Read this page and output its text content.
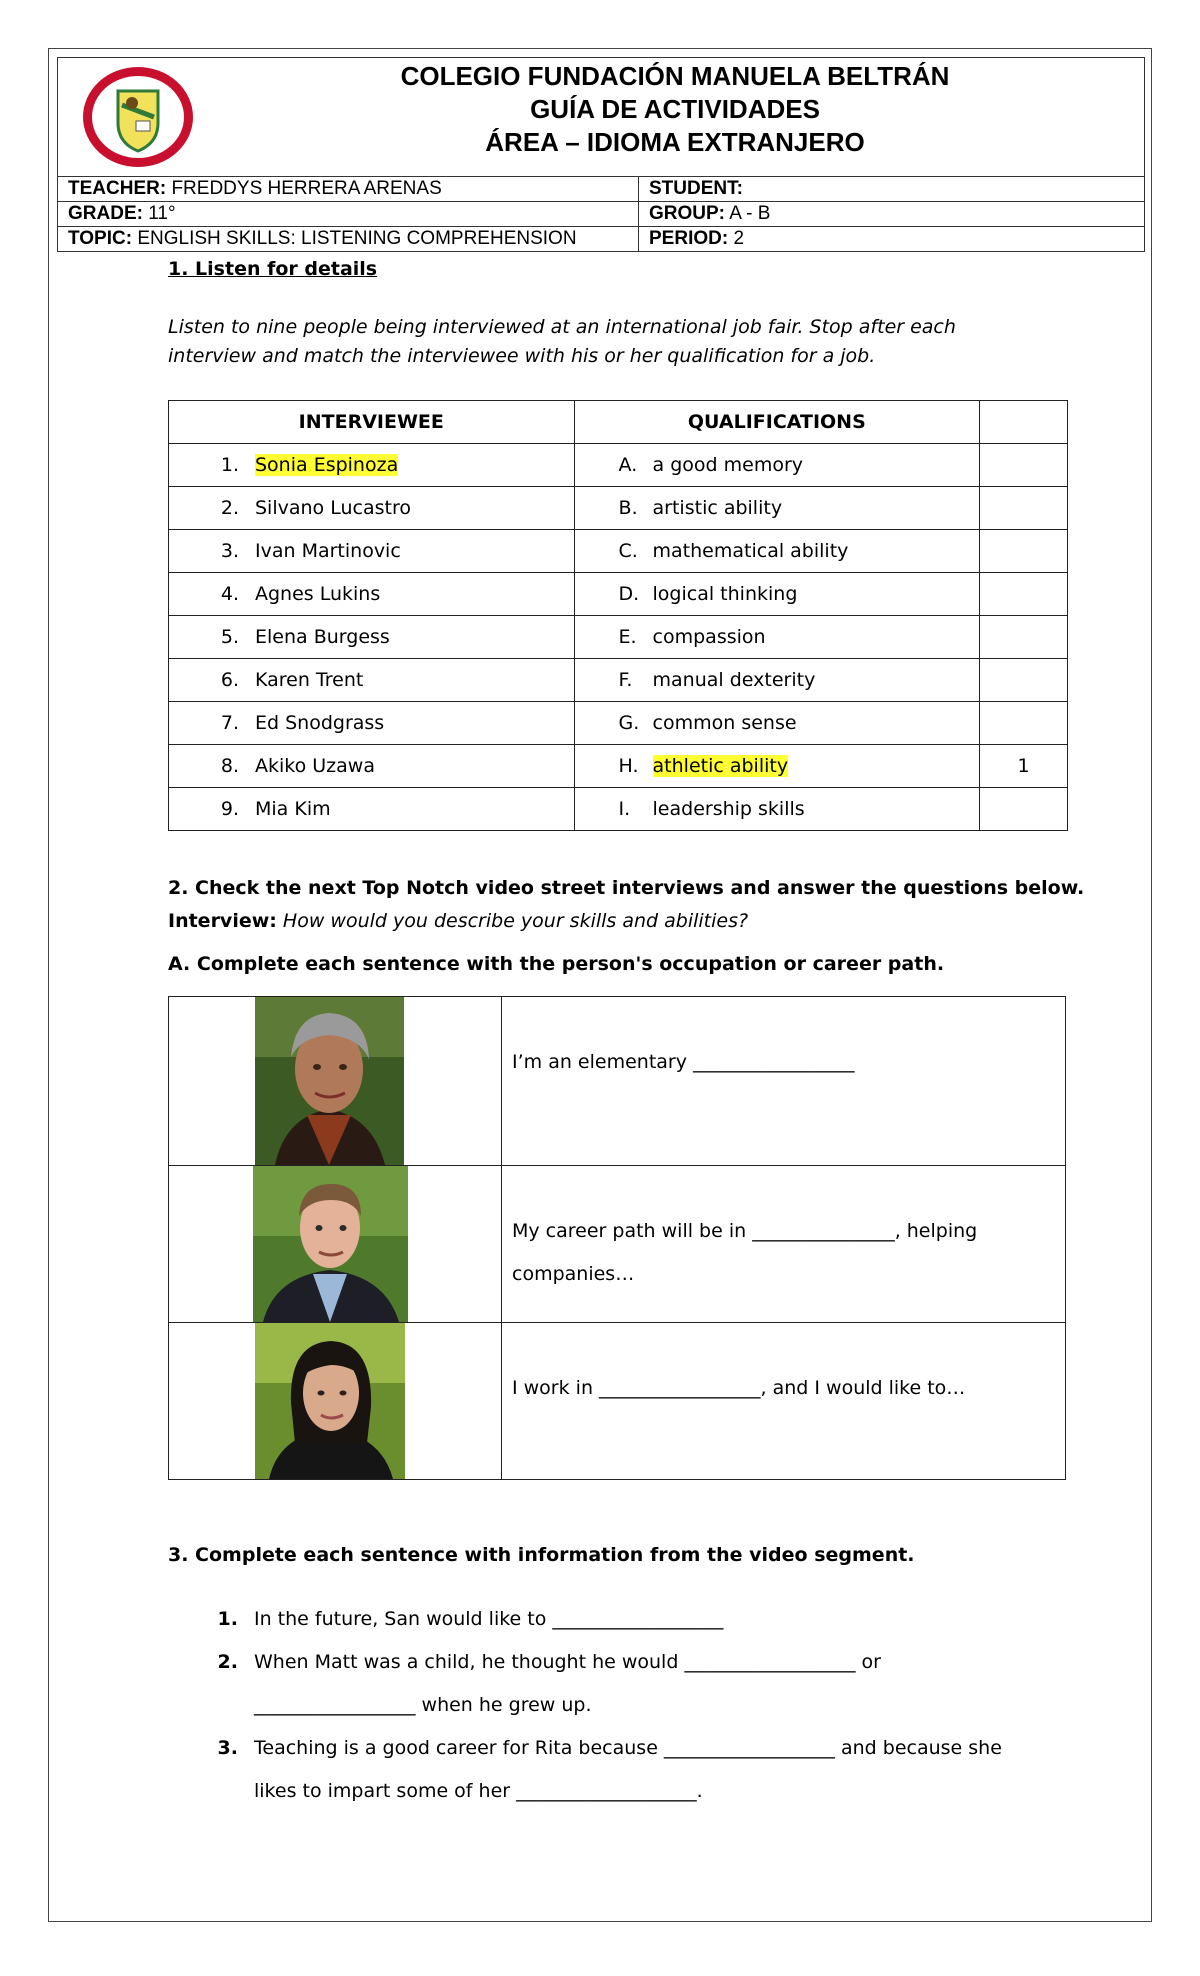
COLEGIO FUNDACIÓN MANUELA BELTRÁN
GUÍA DE ACTIVIDADES
ÁREA – IDIOMA EXTRANJERO
TEACHER: FREDDYS HERRERA ARENAS	STUDENT:
GRADE: 11°	GROUP: A - B
TOPIC: ENGLISH SKILLS: LISTENING COMPREHENSION	PERIOD: 2
1. Listen for details
Listen to nine people being interviewed at an international job fair. Stop after each interview and match the interviewee with his or her qualification for a job.
INTERVIEWEE	QUALIFICATIONS	
1. Sonia Espinoza	A. a good memory	
2. Silvano Lucastro	B. artistic ability	
3. Ivan Martinovic	C. mathematical ability	
4. Agnes Lukins	D. logical thinking	
5. Elena Burgess	E. compassion	
6. Karen Trent	F. manual dexterity	
7. Ed Snodgrass	G. common sense	
8. Akiko Uzawa	H. athletic ability	1
9. Mia Kim	I. leadership skills	
2. Check the next Top Notch video street interviews and answer the questions below.
Interview: How would you describe your skills and abilities?
A. Complete each sentence with the person's occupation or career path.
	I’m an elementary _________________

	My career path will be in _______________, helping companies…

	I work in _________________, and I would like to…
3. Complete each sentence with information from the video segment.
1. In the future, San would like to __________________
2. When Matt was a child, he thought he would __________________ or _________________ when he grew up.
3. Teaching is a good career for Rita because __________________ and because she likes to impart some of her ___________________.
